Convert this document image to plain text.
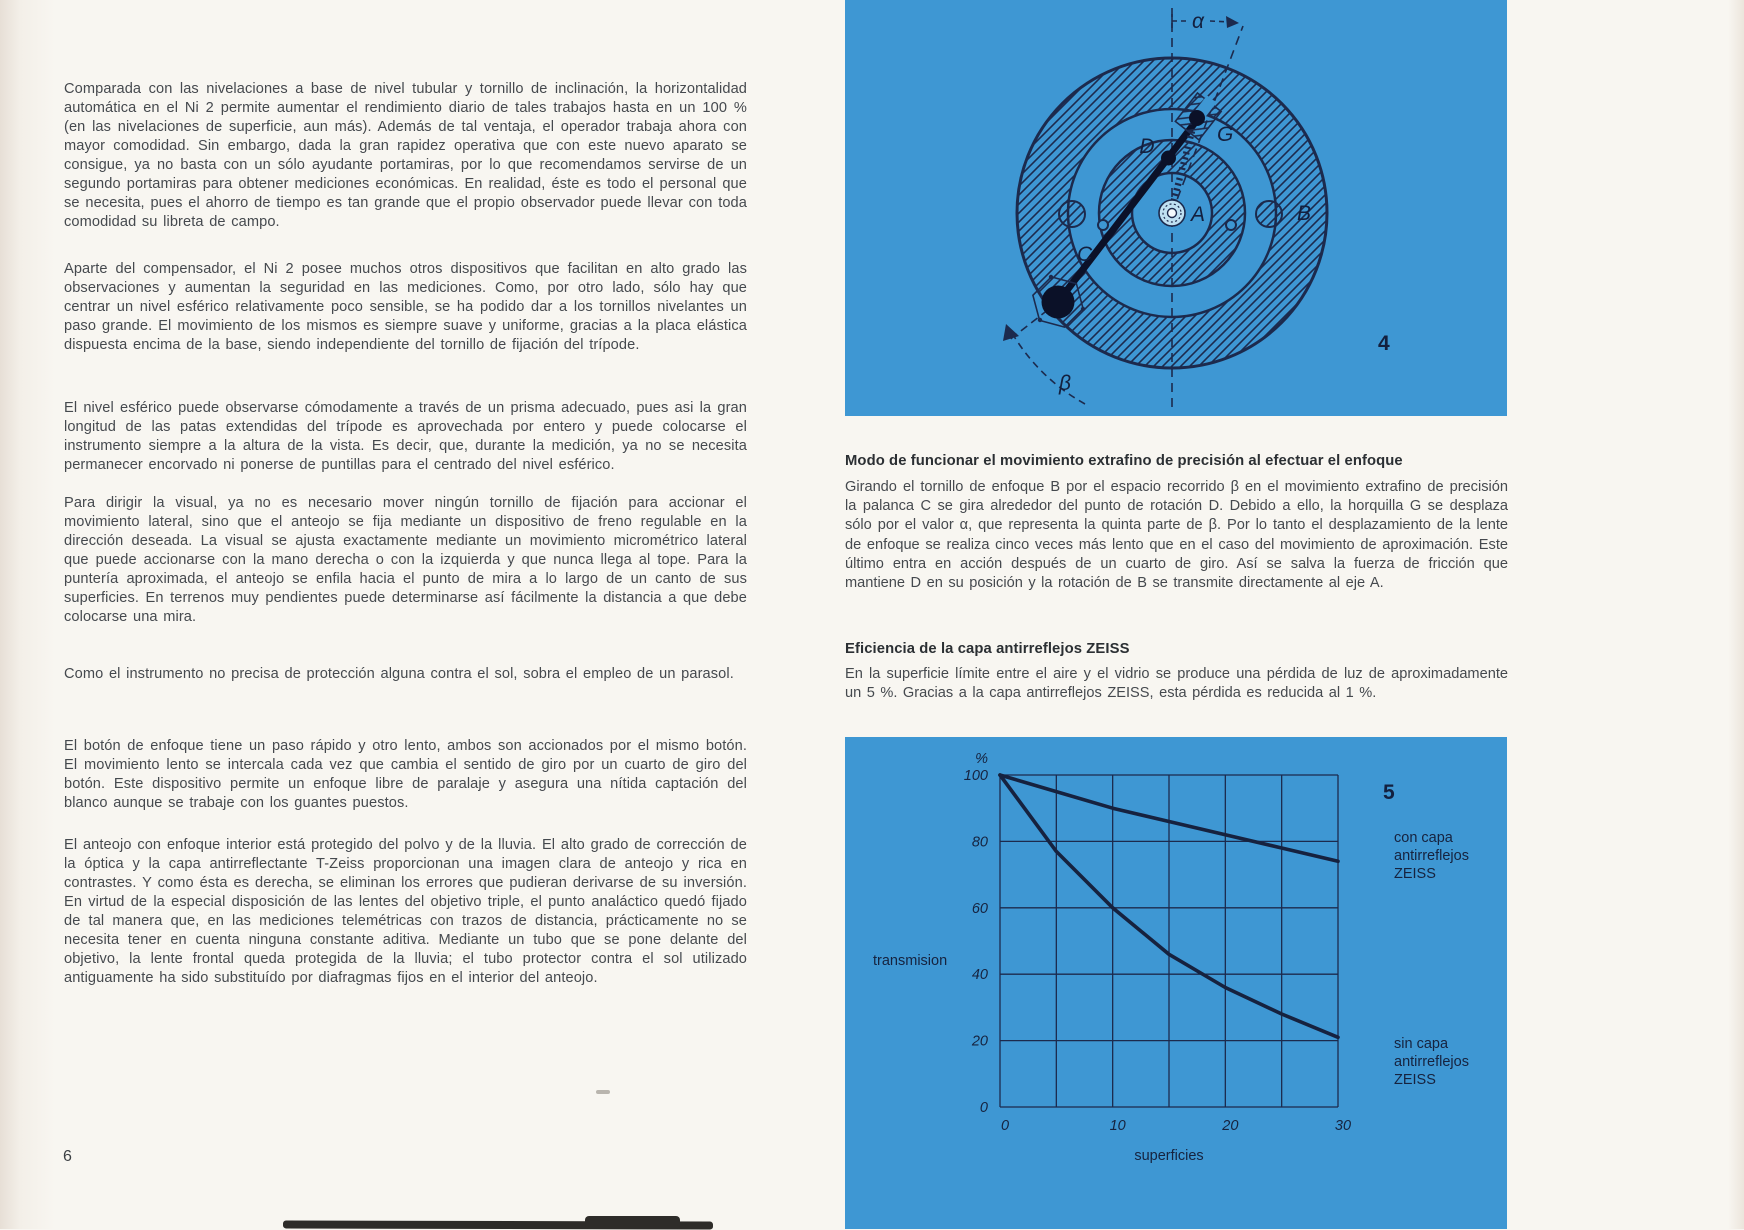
Comparada con las nivelaciones a base de nivel tubular y tornillo de inclinación, la horizontalidad automática en el Ni 2 permite aumentar el rendimiento diario de tales trabajos hasta en un 100 % (en las nivelaciones de superficie, aun más). Además de tal ventaja, el operador trabaja ahora con mayor comodidad. Sin embargo, dada la gran rapidez operativa que con este nuevo aparato se consigue, ya no basta con un sólo ayudante portamiras, por lo que recomendamos servirse de un segundo portamiras para obtener mediciones económicas. En realidad, éste es todo el personal que se necesita, pues el ahorro de tiempo es tan grande que el propio observador puede llevar con toda comodidad su libreta de campo.

Aparte del compensador, el Ni 2 posee muchos otros dispositivos que facilitan en alto grado las observaciones y aumentan la seguridad en las mediciones. Como, por otro lado, sólo hay que centrar un nivel esférico relativamente poco sensible, se ha podido dar a los tornillos nivelantes un paso grande. El movimiento de los mismos es siempre suave y uniforme, gracias a la placa elástica dispuesta encima de la base, siendo independiente del tornillo de fijación del trípode.

El nivel esférico puede observarse cómodamente a través de un prisma adecuado, pues asi la gran longitud de las patas extendidas del trípode es aprovechada por entero y puede colocarse el instrumento siempre a la altura de la vista. Es decir, que, durante la medición, ya no se necesita permanecer encorvado ni ponerse de puntillas para el centrado del nivel esférico.

Para dirigir la visual, ya no es necesario mover ningún tornillo de fijación para accionar el movimiento lateral, sino que el anteojo se fija mediante un dispositivo de freno regulable en la dirección deseada. La visual se ajusta exactamente mediante un movimiento micrométrico lateral que puede accionarse con la mano derecha o con la izquierda y que nunca llega al tope. Para la puntería aproximada, el anteojo se enfila hacia el punto de mira a lo largo de un canto de sus superficies. En terrenos muy pendientes puede determinarse así fácilmente la distancia a que debe colocarse una mira.

Como el instrumento no precisa de protección alguna contra el sol, sobra el empleo de un parasol.

El botón de enfoque tiene un paso rápido y otro lento, ambos son accionados por el mismo botón. El movimiento lento se intercala cada vez que cambia el sentido de giro por un cuarto de giro del botón. Este dispositivo permite un enfoque libre de paralaje y asegura una nítida captación del blanco aunque se trabaje con los guantes puestos.

El anteojo con enfoque interior está protegido del polvo y de la lluvia. El alto grado de corrección de la óptica y la capa antirreflectante T-Zeiss proporcionan una imagen clara de anteojo y rica en contrastes. Y como ésta es derecha, se eliminan los errores que pudieran derivarse de su inversión. En virtud de la especial disposición de las lentes del objetivo triple, el punto analáctico quedó fijado de tal manera que, en las mediciones telemétricas con trazos de distancia, prácticamente no se necesita tener en cuenta ninguna constante aditiva. Mediante un tubo que se pone delante del objetivo, la lente frontal queda protegida de la lluvia; el tubo protector contra el sol utilizado antiguamente ha sido substituído por diafragmas fijos en el interior del anteojo.

6
α
β
D
G
A	B
C
4
Modo de funcionar el movimiento extrafino de precisión al efectuar el enfoque

Girando el tornillo de enfoque B por el espacio recorrido β en el movimiento extrafino de precisión la palanca C se gira alrededor del punto de rotación D. Debido a ello, la horquilla G se desplaza sólo por el valor α, que representa la quinta parte de β. Por lo tanto el desplazamiento de la lente de enfoque se realiza cinco veces más lento que en el caso del movimiento de aproximación. Este último entra en acción después de un cuarto de giro. Así se salva la fuerza de fricción que mantiene D en su posición y la rotación de B se transmite directamente al eje A.

Eficiencia de la capa antirreflejos ZEISS

En la superficie límite entre el aire y el vidrio se produce una pérdida de luz de aproximadamente un 5 %. Gracias a la capa antirreflejos ZEISS, esta pérdida es reducida al 1 %.

%
100
80
60
40
20
0
0	10	20	30
superficies
transmision
5
con capa
antirreflejos ZEISS
sin capa
antirreflejos ZEISS
